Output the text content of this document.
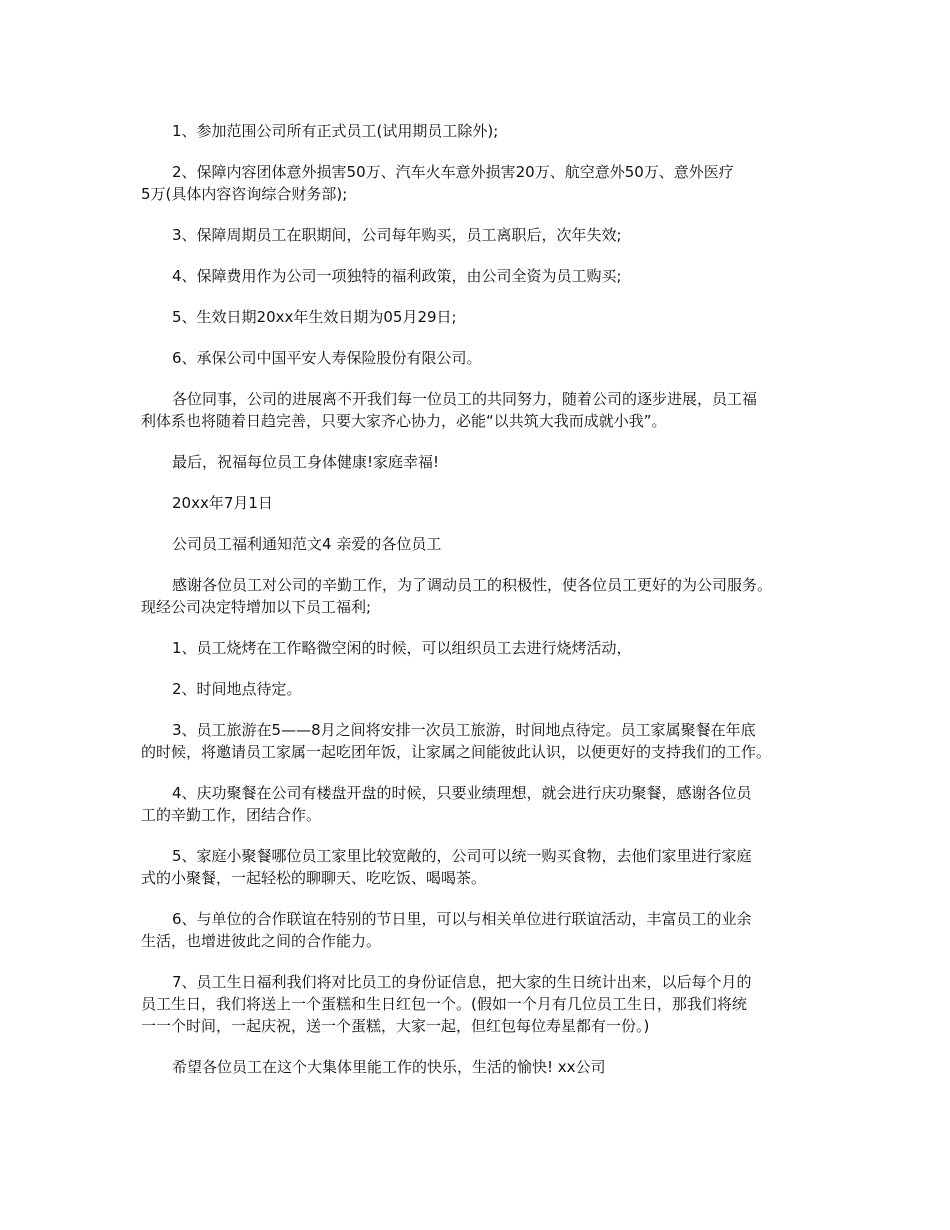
1、参加范围公司所有正式员工(试用期员工除外);

2、保障内容团体意外损害50万、汽车火车意外损害20万、航空意外50万、意外医疗
5万(具体内容咨询综合财务部);

3、保障周期员工在职期间，公司每年购买，员工离职后，次年失效;

4、保障费用作为公司一项独特的福利政策，由公司全资为员工购买;

5、生效日期20xx年生效日期为05月29日;

6、承保公司中国平安人寿保险股份有限公司。

各位同事，公司的进展离不开我们每一位员工的共同努力，随着公司的逐步进展，员工福
利体系也将随着日趋完善，只要大家齐心协力，必能“以共筑大我而成就小我”。

最后，祝福每位员工身体健康!家庭幸福!

20xx年7月1日

公司员工福利通知范文4 亲爱的各位员工

感谢各位员工对公司的辛勤工作，为了调动员工的积极性，使各位员工更好的为公司服务。
现经公司决定特增加以下员工福利;

1、员工烧烤在工作略微空闲的时候，可以组织员工去进行烧烤活动，

2、时间地点待定。

3、员工旅游在5——8月之间将安排一次员工旅游，时间地点待定。员工家属聚餐在年底
的时候，将邀请员工家属一起吃团年饭，让家属之间能彼此认识，以便更好的支持我们的工作。

4、庆功聚餐在公司有楼盘开盘的时候，只要业绩理想，就会进行庆功聚餐，感谢各位员
工的辛勤工作，团结合作。

5、家庭小聚餐哪位员工家里比较宽敞的，公司可以统一购买食物，去他们家里进行家庭
式的小聚餐，一起轻松的聊聊天、吃吃饭、喝喝茶。

6、与单位的合作联谊在特别的节日里，可以与相关单位进行联谊活动，丰富员工的业余
生活，也增进彼此之间的合作能力。

7、员工生日福利我们将对比员工的身份证信息，把大家的生日统计出来，以后每个月的
员工生日，我们将送上一个蛋糕和生日红包一个。(假如一个月有几位员工生日，那我们将统
一一个时间，一起庆祝，送一个蛋糕，大家一起，但红包每位寿星都有一份。)

希望各位员工在这个大集体里能工作的快乐，生活的愉快! xx公司
